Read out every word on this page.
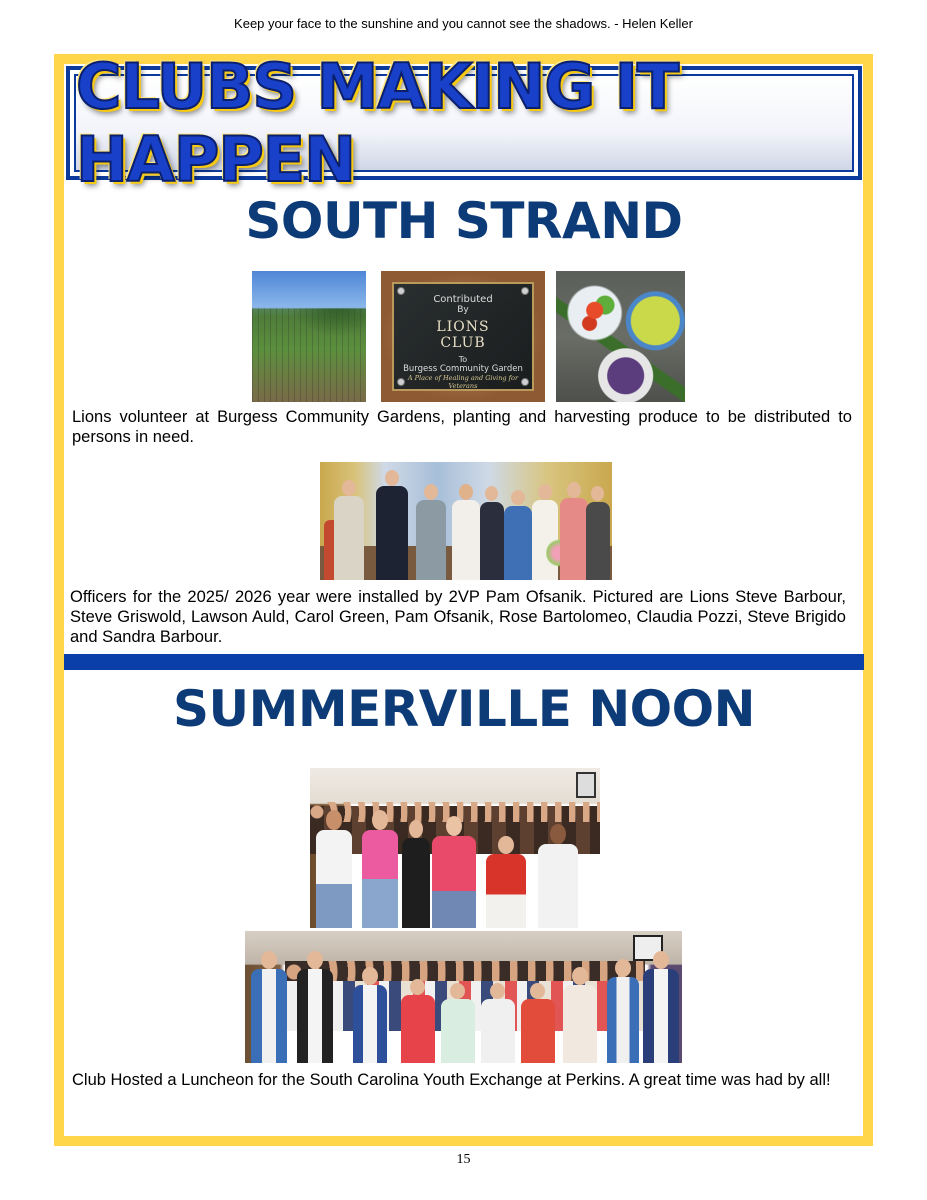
Keep your face to the sunshine and you cannot see the shadows. - Helen Keller
CLUBS MAKING IT HAPPEN
SOUTH STRAND
Contributed
By
LIONS
CLUB
To
Burgess Community Garden
A Place of Healing and Giving for Veterans
Lions volunteer at Burgess Community Gardens, planting and harvesting produce to be distributed to persons in need.
Officers for the 2025/ 2026 year were installed by 2VP Pam Ofsanik. Pictured are Lions Steve Barbour, Steve Griswold, Lawson Auld, Carol Green, Pam Ofsanik, Rose Bartolomeo, Claudia Pozzi, Steve Brigido and Sandra Barbour.
SUMMERVILLE NOON
Club Hosted a Luncheon for the South Carolina Youth Exchange at Perkins. A great time was had by all!
15
